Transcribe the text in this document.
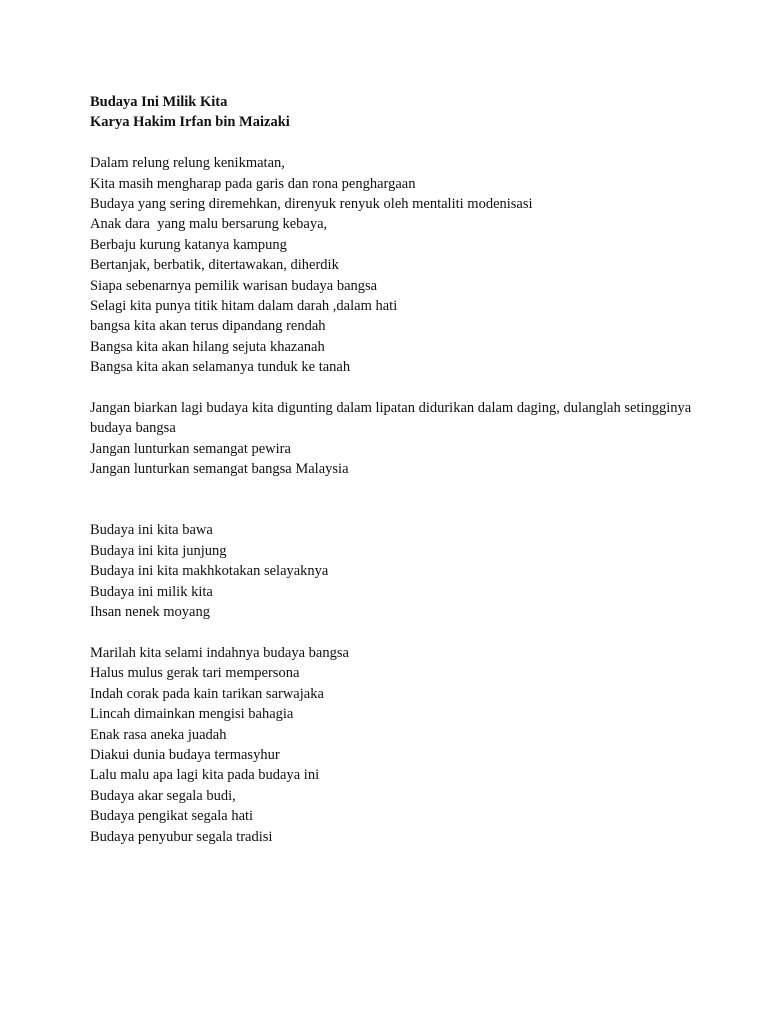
Budaya Ini Milik Kita
Karya Hakim Irfan bin Maizaki
Dalam relung relung kenikmatan,
Kita masih mengharap pada garis dan rona penghargaan
Budaya yang sering diremehkan, direnyuk renyuk oleh mentaliti modenisasi
Anak dara  yang malu bersarung kebaya,
Berbaju kurung katanya kampung
Bertanjak, berbatik, ditertawakan, diherdik
Siapa sebenarnya pemilik warisan budaya bangsa
Selagi kita punya titik hitam dalam darah ,dalam hati
bangsa kita akan terus dipandang rendah
Bangsa kita akan hilang sejuta khazanah
Bangsa kita akan selamanya tunduk ke tanah
Jangan biarkan lagi budaya kita digunting dalam lipatan didurikan dalam daging, dulanglah setingginya budaya bangsa
Jangan lunturkan semangat pewira
Jangan lunturkan semangat bangsa Malaysia
Budaya ini kita bawa
Budaya ini kita junjung
Budaya ini kita makhkotakan selayaknya
Budaya ini milik kita
Ihsan nenek moyang
Marilah kita selami indahnya budaya bangsa
Halus mulus gerak tari mempersona
Indah corak pada kain tarikan sarwajaka
Lincah dimainkan mengisi bahagia
Enak rasa aneka juadah
Diakui dunia budaya termasyhur
Lalu malu apa lagi kita pada budaya ini
Budaya akar segala budi,
Budaya pengikat segala hati
Budaya penyubur segala tradisi
